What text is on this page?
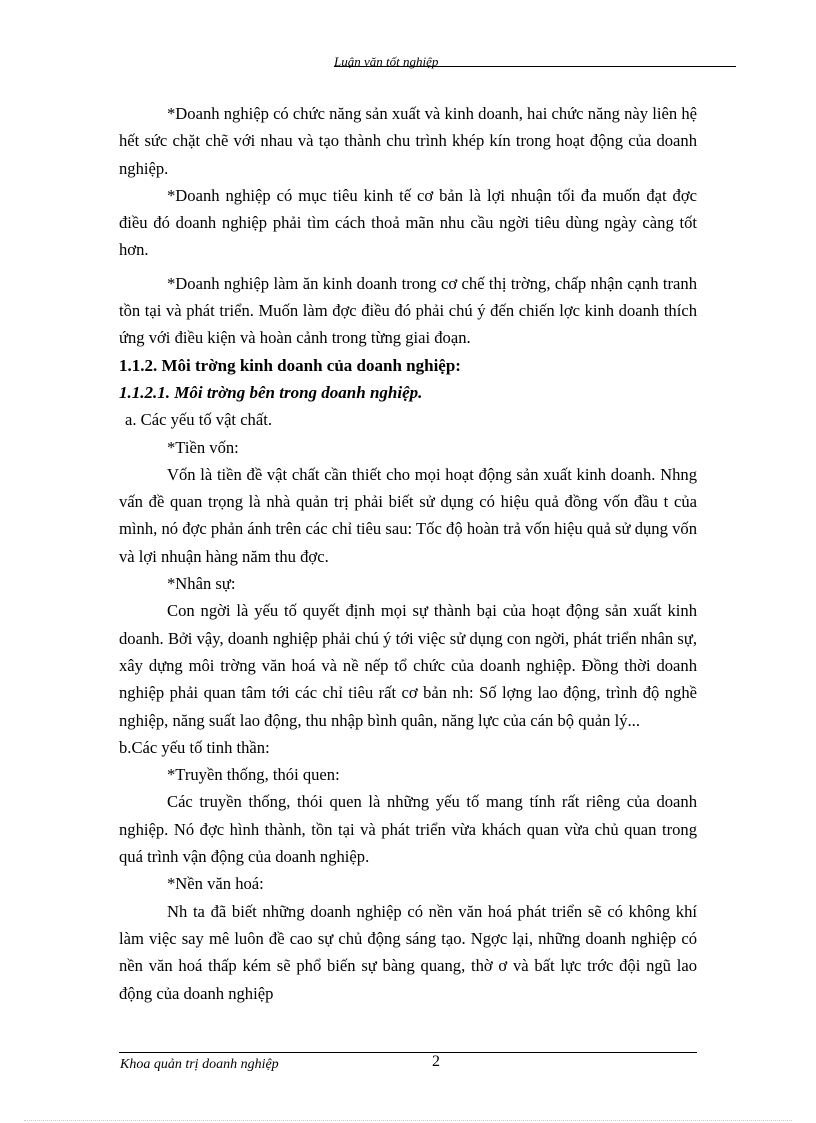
Luận văn tốt nghiệp

*Doanh nghiệp có chức năng sản xuất và kinh doanh, hai chức năng này liên hệ hết sức chặt chẽ với nhau và tạo thành chu trình khép kín trong hoạt động của doanh nghiệp.

*Doanh nghiệp có mục tiêu kinh tế cơ bản là lợi nhuận tối đa muốn đạt đợc điều đó doanh nghiệp phải tìm cách thoả mãn nhu cầu ngời tiêu dùng ngày càng tốt hơn.

*Doanh nghiệp làm ăn kinh doanh trong cơ chế thị trờng, chấp nhận cạnh tranh tồn tại và phát triển. Muốn làm đợc điều đó phải chú ý đến chiến lợc kinh doanh thích ứng với điều kiện và hoàn cảnh trong từng giai đoạn.

1.1.2. Môi trờng kinh doanh của doanh nghiệp:
1.1.2.1. Môi trờng bên trong doanh nghiệp.

a. Các yếu tố vật chất.

*Tiền vốn:

Vốn là tiền đề vật chất cần thiết cho mọi hoạt động sản xuất kinh doanh. Nhng vấn đề quan trọng là nhà quản trị phải biết sử dụng có hiệu quả đồng vốn đầu t của mình, nó đợc phản ánh trên các chỉ tiêu sau: Tốc độ hoàn trả vốn hiệu quả sử dụng vốn và lợi nhuận hàng năm thu đợc.

*Nhân sự:

Con ngời là yếu tố quyết định mọi sự thành bại của hoạt động sản xuất kinh doanh. Bởi vậy, doanh nghiệp phải chú ý tới việc sử dụng con ngời, phát triển nhân sự, xây dựng môi trờng văn hoá và nề nếp tổ chức của doanh nghiệp. Đồng thời doanh nghiệp phải quan tâm tới các chỉ tiêu rất cơ bản nh: Số lợng lao động, trình độ nghề nghiệp, năng suất lao động, thu nhập bình quân, năng lực của cán bộ quản lý...

b.Các yếu tố tinh thần:

*Truyền thống, thói quen:

Các truyền thống, thói quen là những yếu tố mang tính rất riêng của doanh nghiệp. Nó đợc hình thành, tồn tại và phát triển vừa khách quan vừa chủ quan trong quá trình vận động của doanh nghiệp.

*Nền văn hoá:

Nh ta đã biết những doanh nghiệp có nền văn hoá phát triển sẽ có không khí làm việc say mê luôn đề cao sự chủ động sáng tạo. Ngợc lại, những doanh nghiệp có nền văn hoá thấp kém sẽ phổ biến sự bàng quang, thờ ơ và bất lực trớc đội ngũ lao động của doanh nghiệp

Khoa quản trị doanh nghiệp	2
